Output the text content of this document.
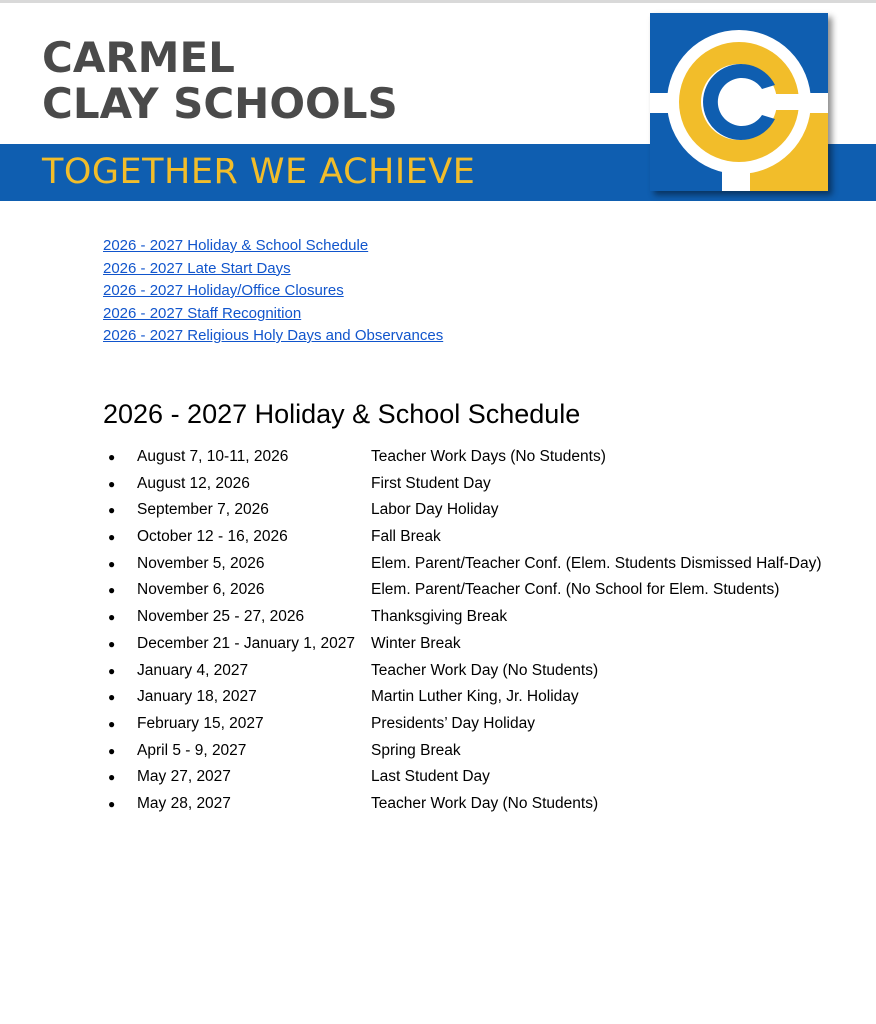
CARMEL
CLAY SCHOOLS
TOGETHER WE ACHIEVE
2026 - 2027 Holiday & School Schedule
2026 - 2027 Late Start Days
2026 - 2027 Holiday/Office Closures
2026 - 2027 Staff Recognition
2026 - 2027 Religious Holy Days and Observances
2026 - 2027 Holiday & School Schedule
● August 7, 10-11, 2026	Teacher Work Days (No Students)
● August 12, 2026	First Student Day
● September 7, 2026	Labor Day Holiday
● October 12 - 16, 2026	Fall Break
● November 5, 2026	Elem. Parent/Teacher Conf. (Elem. Students Dismissed Half-Day)
● November 6, 2026	Elem. Parent/Teacher Conf. (No School for Elem. Students)
● November 25 - 27, 2026	Thanksgiving Break
● December 21 - January 1, 2027 Winter Break
● January 4, 2027	Teacher Work Day (No Students)
● January 18, 2027	Martin Luther King, Jr. Holiday
● February 15, 2027	Presidents’ Day Holiday
● April 5 - 9, 2027	Spring Break
● May 27, 2027	Last Student Day
● May 28, 2027	Teacher Work Day (No Students)
